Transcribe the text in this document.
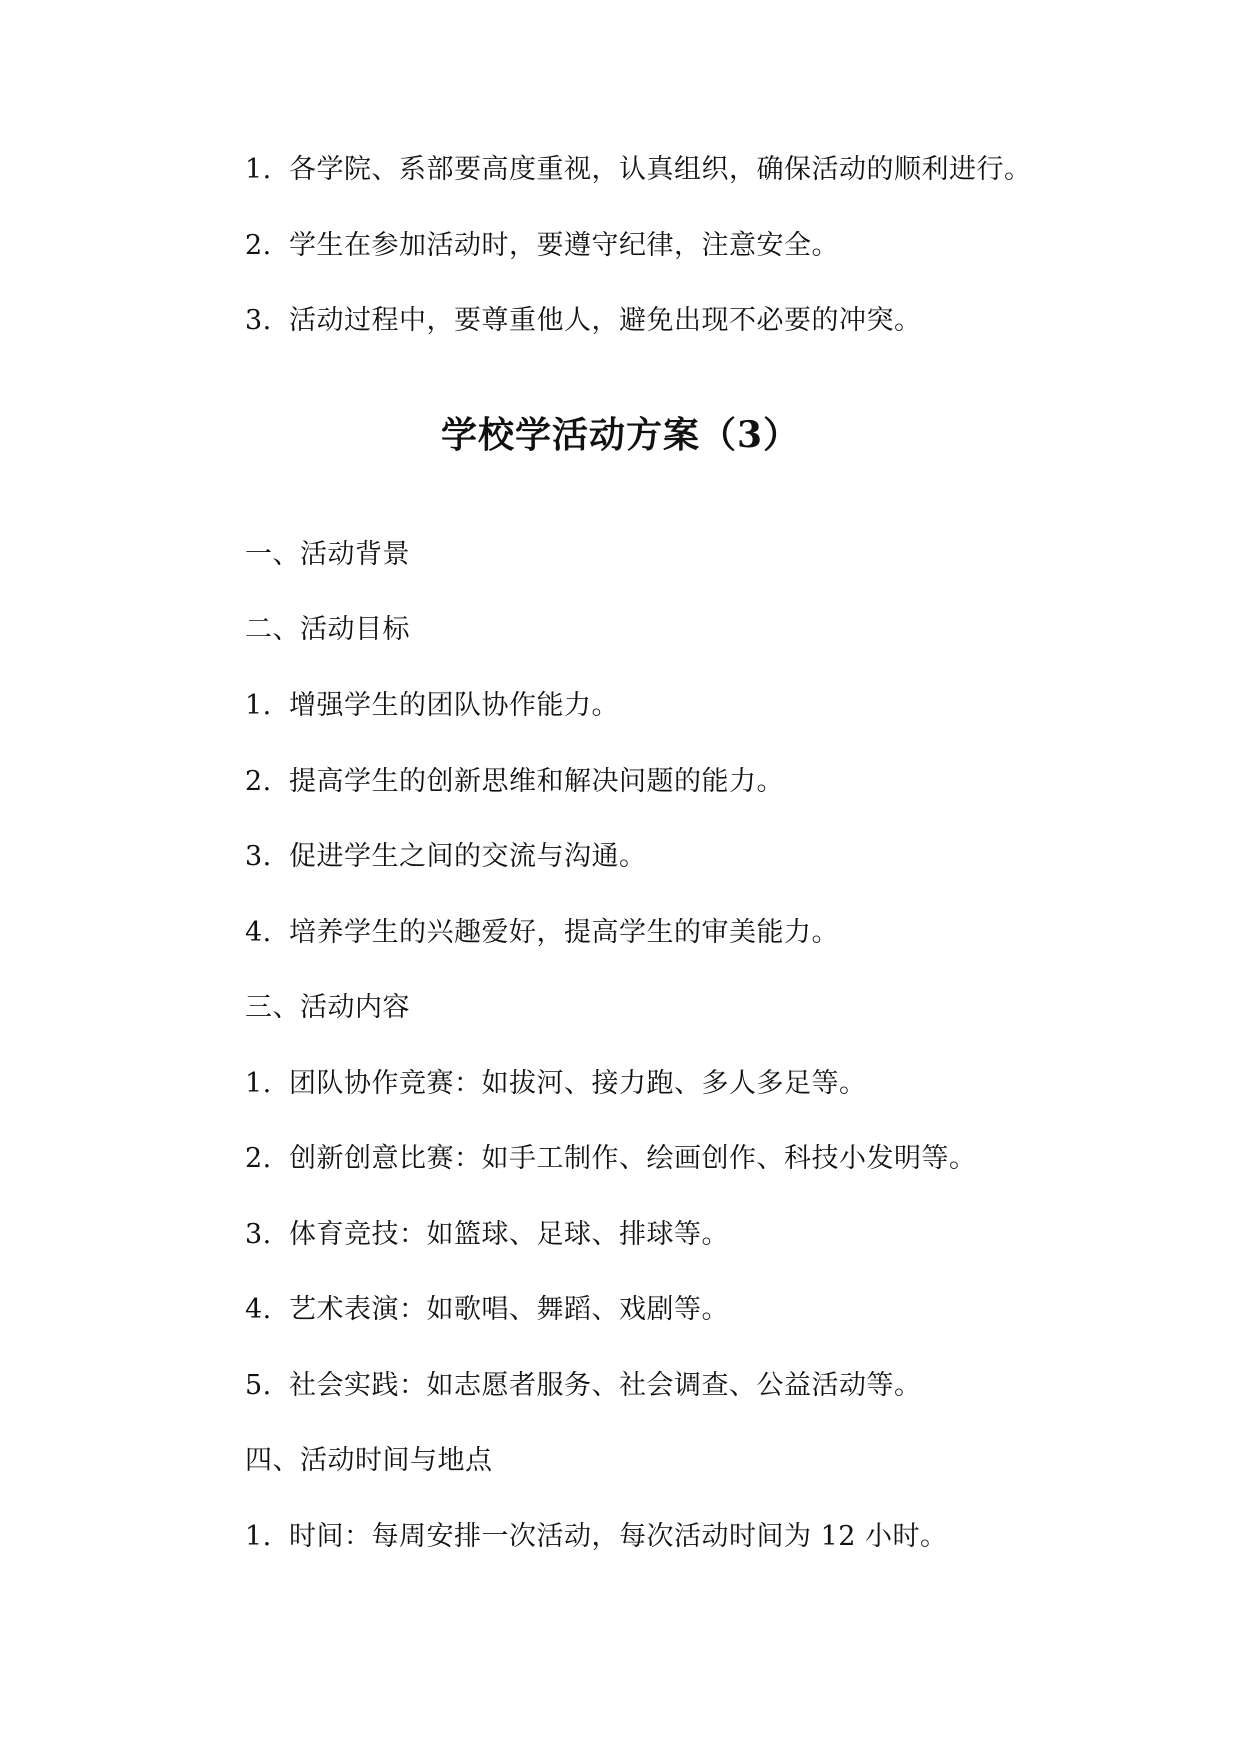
1. 各学院、系部要高度重视，认真组织，确保活动的顺利进行。
2. 学生在参加活动时，要遵守纪律，注意安全。
3. 活动过程中，要尊重他人，避免出现不必要的冲突。
学校学活动方案（3）
一、活动背景
二、活动目标
1. 增强学生的团队协作能力。
2. 提高学生的创新思维和解决问题的能力。
3. 促进学生之间的交流与沟通。
4. 培养学生的兴趣爱好，提高学生的审美能力。
三、活动内容
1. 团队协作竞赛：如拔河、接力跑、多人多足等。
2. 创新创意比赛：如手工制作、绘画创作、科技小发明等。
3. 体育竞技：如篮球、足球、排球等。
4. 艺术表演：如歌唱、舞蹈、戏剧等。
5. 社会实践：如志愿者服务、社会调查、公益活动等。
四、活动时间与地点
1. 时间：每周安排一次活动，每次活动时间为 12 小时。
